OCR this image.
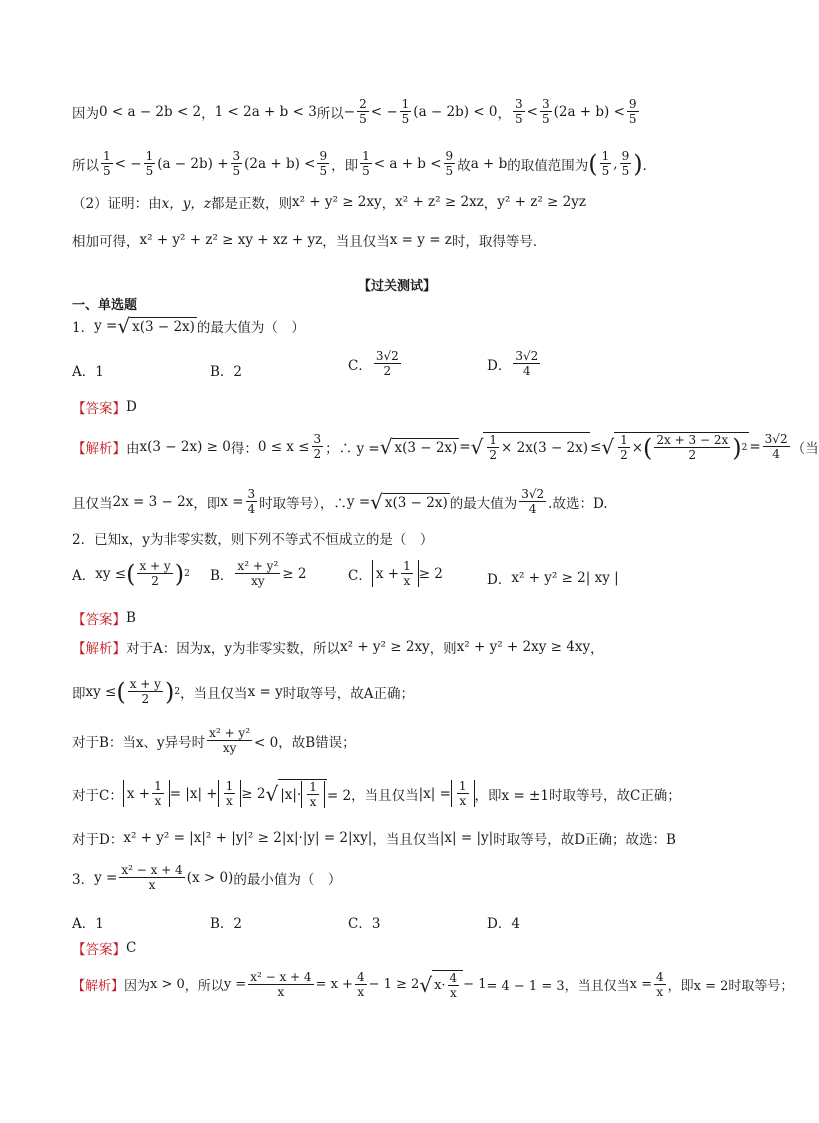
因为 0 < a − 2b < 2 ， 1 < 2a + b < 3 所以 − $\frac{2}{5}$ < − $\frac{1}{5} (a - 2b) < 0$ ， $\frac{3}{5} < \frac{3}{5} (2a + b) < \frac{9}{5}$
所以 $\frac{1}{5}$ < − $\frac{1}{5} (a - 2b) + \frac{3}{5} (2a + b) < \frac{9}{5}$ ，即 $\frac{1}{5} < a + b < \frac{9}{5}$ 故 a + b 的取值范围为 ( $\frac{1}{5}$ , $\frac{9}{5}$ ) ．
（2）证明：由 x，y，z 都是正数，则 x² + y² ≥ 2xy ， x² + z² ≥ 2xz ， y² + z² ≥ 2yz
相加可得， x² + y² + z² ≥ xy + xz + yz ，当且仅当 x = y = z 时，取得等号．
【过关测试】
一、单选题
1． y = √ x(3 − 2x) 的最大值为（　）
A．1	B．2	C． $\frac{3√2}{2}$	D． $\frac{3√2}{4}$
【答案】 D
【解析】 由 x(3 − 2x) ≥ 0 得： $0 \le x \le \frac{3}{2}$ ；∴ y = √ x(3 − 2x) = √ $\frac{1}{2} \times 2x(3 - 2x)$ ≤ √ $\frac{1}{2}$ × ( $\frac{2x + 3 - 2x}{2}$ ) $2 = \frac{3√2}{4}$ （当
且仅当 2x = 3 − 2x ，即 $x = \frac{3}{4}$ 时取等号），∴ y = √ x(3 − 2x) 的最大值为 $\frac{3√2}{4}$ .故选：D.
2． 已知x，y为非零实数，则下列不等式不恒成立的是（　）
A． xy ≤ ( $\frac{x + y}{2}$ ) 2 B． $\frac{\text{x² + y²}}{xy} \ge 2$	C． $x + \frac{1}{x} \ge 2$	D． x² + y² ≥ 2| xy |
【答案】 B
【解析】 对于A：因为x，y为非零实数，所以 x² + y² ≥ 2xy ，则 x² + y² + 2xy ≥ 4xy ，
即 xy ≤ ( $\frac{x + y}{2}$ ) 2 ，当且仅当 x = y 时取等号，故A正确；
对于B：当 x、y异号时 $\frac{\text{x² + y²}}{xy} < 0$，故B错误；
对于C： $x + \frac{1}{x} = |x| + \frac{1}{x} \ge 2$ √ $|x|\cdot \frac{1}{x} = 2$，当且仅当 $|x| = \frac{1}{x}$ ，即x = ±1时取等号，故C正确；
对于D： x² + y² = |x|² + |y|² ≥ 2|x|·|y| = 2|xy| ，当且仅当 |x| = |y| 时取等号，故D正确；故选：B
3． $y = \frac{\text{x² − x + 4}}{x} (x > 0)$ 的最小值为（　）
A．1	B．2	C．3	D．4
【答案】 C
【解析】 因为 x > 0 ，所以 $y = \frac{\text{x² − x + 4}}{x} = x + \frac{4}{x} - 1 \ge 2$ √ $x\cdot \frac{4}{x} - 1 = 4 - 1 = 3$，当且仅当 $x = \frac{4}{x}$ ，即x = 2时取等号；
